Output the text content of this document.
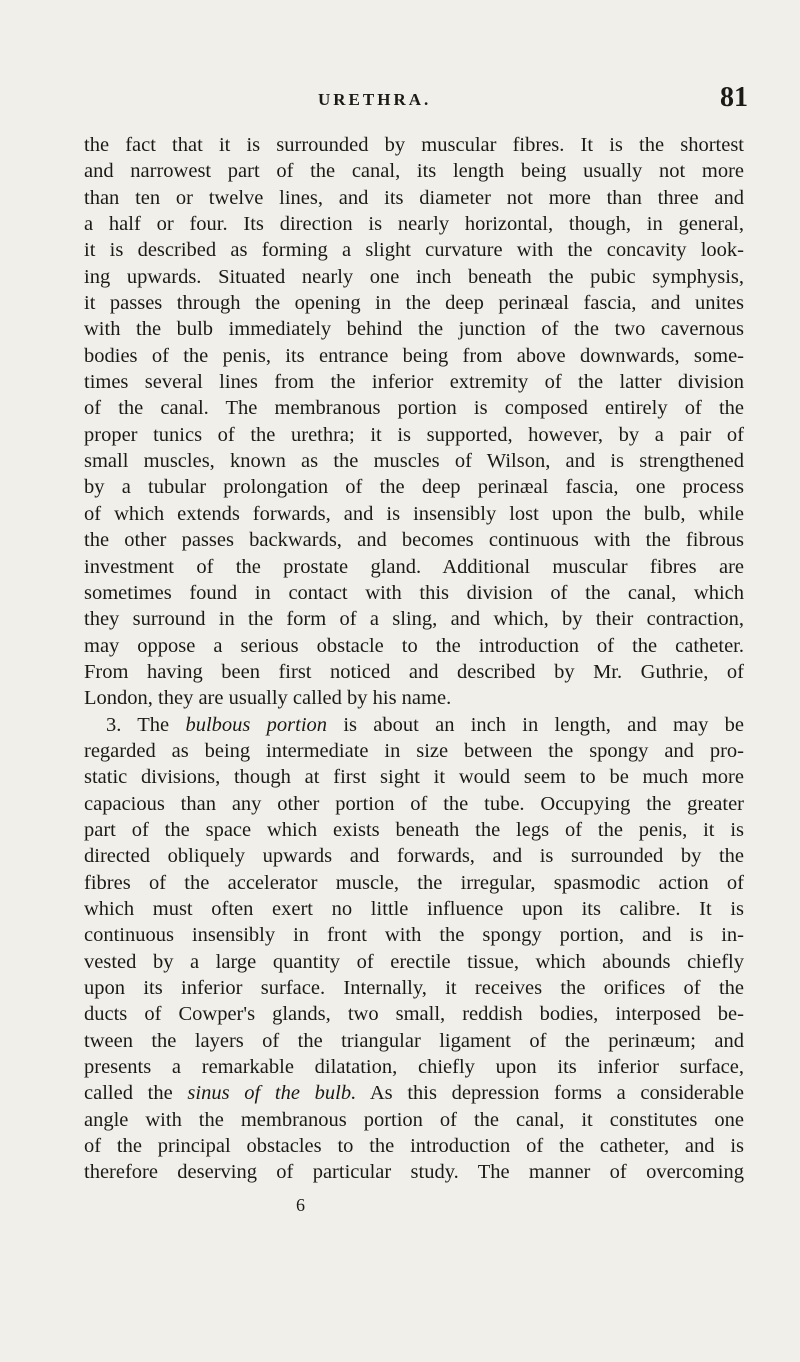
URETHRA.	81
the fact that it is surrounded by muscular fibres. It is the shortest
and narrowest part of the canal, its length being usually not more
than ten or twelve lines, and its diameter not more than three and
a half or four. Its direction is nearly horizontal, though, in general,
it is described as forming a slight curvature with the concavity look-
ing upwards. Situated nearly one inch beneath the pubic symphysis,
it passes through the opening in the deep perinæal fascia, and unites
with the bulb immediately behind the junction of the two cavernous
bodies of the penis, its entrance being from above downwards, some-
times several lines from the inferior extremity of the latter division
of the canal. The membranous portion is composed entirely of the
proper tunics of the urethra; it is supported, however, by a pair of
small muscles, known as the muscles of Wilson, and is strengthened
by a tubular prolongation of the deep perinæal fascia, one process
of which extends forwards, and is insensibly lost upon the bulb, while
the other passes backwards, and becomes continuous with the fibrous
investment of the prostate gland. Additional muscular fibres are
sometimes found in contact with this division of the canal, which
they surround in the form of a sling, and which, by their contraction,
may oppose a serious obstacle to the introduction of the catheter.
From having been first noticed and described by Mr. Guthrie, of
London, they are usually called by his name.
3. The bulbous portion is about an inch in length, and may be
regarded as being intermediate in size between the spongy and pro-
static divisions, though at first sight it would seem to be much more
capacious than any other portion of the tube. Occupying the greater
part of the space which exists beneath the legs of the penis, it is
directed obliquely upwards and forwards, and is surrounded by the
fibres of the accelerator muscle, the irregular, spasmodic action of
which must often exert no little influence upon its calibre. It is
continuous insensibly in front with the spongy portion, and is in-
vested by a large quantity of erectile tissue, which abounds chiefly
upon its inferior surface. Internally, it receives the orifices of the
ducts of Cowper's glands, two small, reddish bodies, interposed be-
tween the layers of the triangular ligament of the perinæum; and
presents a remarkable dilatation, chiefly upon its inferior surface,
called the sinus of the bulb. As this depression forms a considerable
angle with the membranous portion of the canal, it constitutes one
of the principal obstacles to the introduction of the catheter, and is
therefore deserving of particular study. The manner of overcoming
6
